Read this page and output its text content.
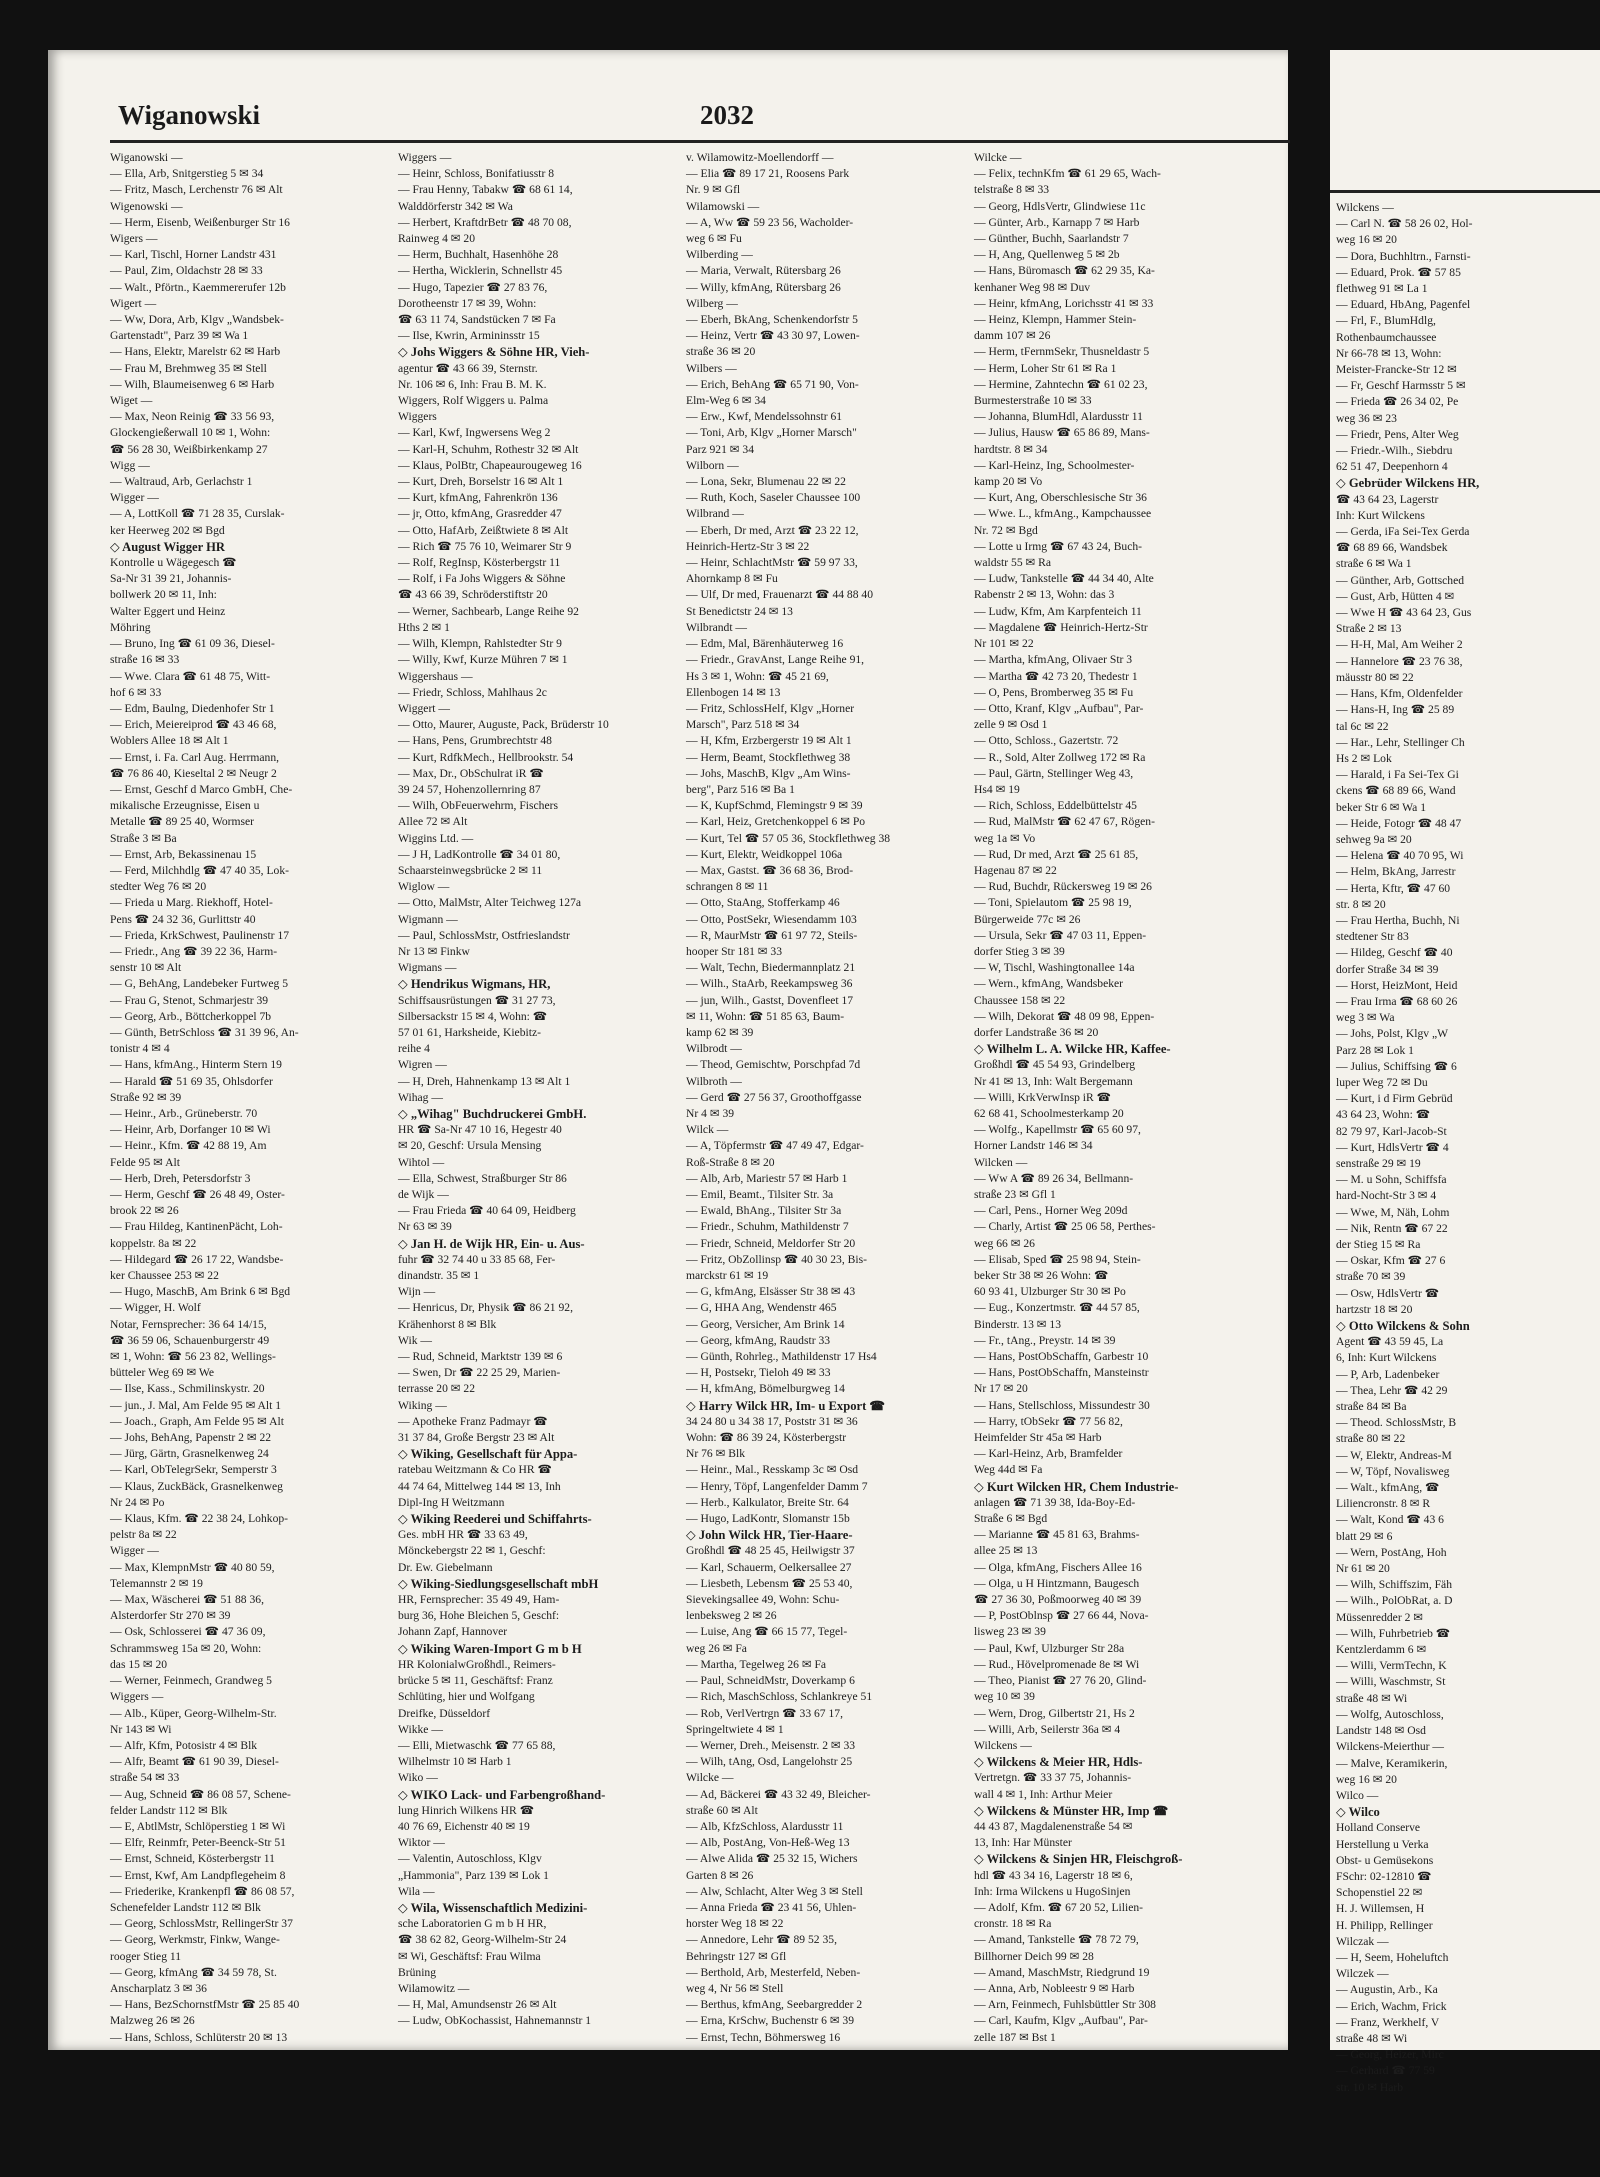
Wiganowski	2032
Wiganowski —
— Ella, Arb, Snitgerstieg 5 ✉ 34
— Fritz, Masch, Lerchenstr 76 ✉ Alt
Wigenowski —
— Herm, Eisenb, Weißenburger Str 16
Wigers —
— Karl, Tischl, Horner Landstr 431
— Paul, Zim, Oldachstr 28 ✉ 33
— Walt., Pförtn., Kaemmererufer 12b
Wigert —
— Ww, Dora, Arb, Klgv „Wandsbek-
Gartenstadt", Parz 39 ✉ Wa 1
— Hans, Elektr, Marelstr 62 ✉ Harb
— Frau M, Brehmweg 35 ✉ Stell
— Wilh, Blaumeisenweg 6 ✉ Harb
Wiget —
— Max, Neon Reinig ☎ 33 56 93,
Glockengießerwall 10 ✉ 1, Wohn:
☎ 56 28 30, Weißbirkenkamp 27
Wigg —
— Waltraud, Arb, Gerlachstr 1
Wigger —
— A, LottKoll ☎ 71 28 35, Curslak-
ker Heerweg 202 ✉ Bgd
◇ August Wigger HR
Kontrolle u Wägegesch ☎
Sa-Nr 31 39 21, Johannis-
bollwerk 20 ✉ 11, Inh:
Walter Eggert und Heinz
Möhring
— Bruno, Ing ☎ 61 09 36, Diesel-
straße 16 ✉ 33
— Wwe. Clara ☎ 61 48 75, Witt-
hof 6 ✉ 33
— Edm, Baulng, Diedenhofer Str 1
— Erich, Meiereiprod ☎ 43 46 68,
Woblers Allee 18 ✉ Alt 1
— Ernst, i. Fa. Carl Aug. Herrmann,
☎ 76 86 40, Kieseltal 2 ✉ Neugr 2
— Ernst, Geschf d Marco GmbH, Che-
mikalische Erzeugnisse, Eisen u
Metalle ☎ 89 25 40, Wormser
Straße 3 ✉ Ba
— Ernst, Arb, Bekassinenau 15
— Ferd, Milchhdlg ☎ 47 40 35, Lok-
stedter Weg 76 ✉ 20
— Frieda u Marg. Riekhoff, Hotel-
Pens ☎ 24 32 36, Gurlittstr 40
— Frieda, KrkSchwest, Paulinenstr 17
— Friedr., Ang ☎ 39 22 36, Harm-
senstr 10 ✉ Alt
— G, BehAng, Landebeker Furtweg 5
— Frau G, Stenot, Schmarjestr 39
— Georg, Arb., Böttcherkoppel 7b
— Günth, BetrSchloss ☎ 31 39 96, An-
tonistr 4 ✉ 4
— Hans, kfmAng., Hinterm Stern 19
— Harald ☎ 51 69 35, Ohlsdorfer
Straße 92 ✉ 39
— Heinr., Arb., Grüneberstr. 70
— Heinr, Arb, Dorfanger 10 ✉ Wi
— Heinr., Kfm. ☎ 42 88 19, Am
Felde 95 ✉ Alt
— Herb, Dreh, Petersdorfstr 3
— Herm, Geschf ☎ 26 48 49, Oster-
brook 22 ✉ 26
— Frau Hildeg, KantinenPächt, Loh-
koppelstr. 8a ✉ 22
— Hildegard ☎ 26 17 22, Wandsbe-
ker Chaussee 253 ✉ 22
— Hugo, MaschB, Am Brink 6 ✉ Bgd
— Wigger, H. Wolf
Notar, Fernsprecher: 36 64 14/15,
☎ 36 59 06, Schauenburgerstr 49
✉ 1, Wohn: ☎ 56 23 82, Wellings-
bütteler Weg 69 ✉ We
— Ilse, Kass., Schmilinskystr. 20
— jun., J. Mal, Am Felde 95 ✉ Alt 1
— Joach., Graph, Am Felde 95 ✉ Alt
— Johs, BehAng, Papenstr 2 ✉ 22
— Jürg, Gärtn, Grasnelkenweg 24
— Karl, ObTelegrSekr, Semperstr 3
— Klaus, ZuckBäck, Grasnelkenweg
Nr 24 ✉ Po
— Klaus, Kfm. ☎ 22 38 24, Lohkop-
pelstr 8a ✉ 22
Wigger —
— Max, KlempnMstr ☎ 40 80 59,
Telemannstr 2 ✉ 19
— Max, Wäscherei ☎ 51 88 36,
Alsterdorfer Str 270 ✉ 39
— Osk, Schlosserei ☎ 47 36 09,
Schrammsweg 15a ✉ 20, Wohn:
das 15 ✉ 20
— Werner, Feinmech, Grandweg 5
Wiggers —
— Alb., Küper, Georg-Wilhelm-Str.
Nr 143 ✉ Wi
— Alfr, Kfm, Potosistr 4 ✉ Blk
— Alfr, Beamt ☎ 61 90 39, Diesel-
straße 54 ✉ 33
— Aug, Schneid ☎ 86 08 57, Schene-
felder Landstr 112 ✉ Blk
— E, AbtlMstr, Schlöperstieg 1 ✉ Wi
— Elfr, Reinmfr, Peter-Beenck-Str 51
— Ernst, Schneid, Kösterbergstr 11
— Ernst, Kwf, Am Landpflegeheim 8
— Friederike, Krankenpfl ☎ 86 08 57,
Schenefelder Landstr 112 ✉ Blk
— Georg, SchlossMstr, RellingerStr 37
— Georg, Werkmstr, Finkw, Wange-
rooger Stieg 11
— Georg, kfmAng ☎ 34 59 78, St.
Anscharplatz 3 ✉ 36
— Hans, BezSchornstfMstr ☎ 25 85 40
Malzweg 26 ✉ 26
— Hans, Schloss, Schlüterstr 20 ✉ 13
Wiggers —
— Heinr, Schloss, Bonifatiusstr 8
— Frau Henny, Tabakw ☎ 68 61 14,
Walddörferstr 342 ✉ Wa
— Herbert, KraftdrBetr ☎ 48 70 08,
Rainweg 4 ✉ 20
— Herm, Buchhalt, Hasenhöhe 28
— Hertha, Wicklerin, Schnellstr 45
— Hugo, Tapezier ☎ 27 83 76,
Dorotheenstr 17 ✉ 39, Wohn:
☎ 63 11 74, Sandstücken 7 ✉ Fa
— Ilse, Kwrin, Armininsstr 15
◇ Johs Wiggers & Söhne HR, Vieh-
agentur ☎ 43 66 39, Sternstr.
Nr. 106 ✉ 6, Inh: Frau B. M. K.
Wiggers, Rolf Wiggers u. Palma
Wiggers
— Karl, Kwf, Ingwersens Weg 2
— Karl-H, Schuhm, Rothestr 32 ✉ Alt
— Klaus, PolBtr, Chapeaurougeweg 16
— Kurt, Dreh, Borselstr 16 ✉ Alt 1
— Kurt, kfmAng, Fahrenkrön 136
— jr, Otto, kfmAng, Grasredder 47
— Otto, HafArb, Zeißtwiete 8 ✉ Alt
— Rich ☎ 75 76 10, Weimarer Str 9
— Rolf, RegInsp, Kösterbergstr 11
— Rolf, i Fa Johs Wiggers & Söhne
☎ 43 66 39, Schröderstiftstr 20
— Werner, Sachbearb, Lange Reihe 92
Hths 2 ✉ 1
— Wilh, Klempn, Rahlstedter Str 9
— Willy, Kwf, Kurze Mühren 7 ✉ 1
Wiggershaus —
— Friedr, Schloss, Mahlhaus 2c
Wiggert —
— Otto, Maurer, Auguste, Pack, Brüderstr 10
— Hans, Pens, Grumbrechtstr 48
— Kurt, RdfkMech., Hellbrookstr. 54
— Max, Dr., ObSchulrat iR ☎
39 24 57, Hohenzollernring 87
— Wilh, ObFeuerwehrm, Fischers
Allee 72 ✉ Alt
Wiggins Ltd. —
— J H, LadKontrolle ☎ 34 01 80,
Schaarsteinwegsbrücke 2 ✉ 11
Wiglow —
— Otto, MalMstr, Alter Teichweg 127a
Wigmann —
— Paul, SchlossMstr, Ostfrieslandstr
Nr 13 ✉ Finkw
Wigmans —
◇ Hendrikus Wigmans, HR,
Schiffsausrüstungen ☎ 31 27 73,
Silbersackstr 15 ✉ 4, Wohn: ☎
57 01 61, Harksheide, Kiebitz-
reihe 4
Wigren —
— H, Dreh, Hahnenkamp 13 ✉ Alt 1
Wihag —
◇ „Wihag" Buchdruckerei GmbH.
HR ☎ Sa-Nr 47 10 16, Hegestr 40
✉ 20, Geschf: Ursula Mensing
Wihtol —
— Ella, Schwest, Straßburger Str 86
de Wijk —
— Frau Frieda ☎ 40 64 09, Heidberg
Nr 63 ✉ 39
◇ Jan H. de Wijk HR, Ein- u. Aus-
fuhr ☎ 32 74 40 u 33 85 68, Fer-
dinandstr. 35 ✉ 1
Wijn —
— Henricus, Dr, Physik ☎ 86 21 92,
Krähenhorst 8 ✉ Blk
Wik —
— Rud, Schneid, Marktstr 139 ✉ 6
— Swen, Dr ☎ 22 25 29, Marien-
terrasse 20 ✉ 22
Wiking —
— Apotheke Franz Padmayr ☎
31 37 84, Große Bergstr 23 ✉ Alt
◇ Wiking, Gesellschaft für Appa-
ratebau Weitzmann & Co HR ☎
44 74 64, Mittelweg 144 ✉ 13, Inh
Dipl-Ing H Weitzmann
◇ Wiking Reederei und Schiffahrts-
Ges. mbH HR ☎ 33 63 49,
Mönckebergstr 22 ✉ 1, Geschf:
Dr. Ew. Giebelmann
◇ Wiking-Siedlungsgesellschaft mbH
HR, Fernsprecher: 35 49 49, Ham-
burg 36, Hohe Bleichen 5, Geschf:
Johann Zapf, Hannover
◇ Wiking Waren-Import G m b H
HR KolonialwGroßhdl., Reimers-
brücke 5 ✉ 11, Geschäftsf: Franz
Schlüting, hier und Wolfgang
Dreifke, Düsseldorf
Wikke —
— Elli, Mietwaschk ☎ 77 65 88,
Wilhelmstr 10 ✉ Harb 1
Wiko —
◇ WIKO Lack- und Farbengroßhand-
lung Hinrich Wilkens HR ☎
40 76 69, Eichenstr 40 ✉ 19
Wiktor —
— Valentin, Autoschloss, Klgv
„Hammonia", Parz 139 ✉ Lok 1
Wila —
◇ Wila, Wissenschaftlich Medizini-
sche Laboratorien G m b H HR,
☎ 38 62 82, Georg-Wilhelm-Str 24
✉ Wi, Geschäftsf: Frau Wilma
Brüning
Wilamowitz —
— H, Mal, Amundsenstr 26 ✉ Alt
— Ludw, ObKochassist, Hahnemannstr 1
v. Wilamowitz-Moellendorff —
— Elia ☎ 89 17 21, Roosens Park
Nr. 9 ✉ Gfl
Wilamowski —
— A, Ww ☎ 59 23 56, Wacholder-
weg 6 ✉ Fu
Wilberding —
— Maria, Verwalt, Rütersbarg 26
— Willy, kfmAng, Rütersbarg 26
Wilberg —
— Eberh, BkAng, Schenkendorfstr 5
— Heinz, Vertr ☎ 43 30 97, Lowen-
straße 36 ✉ 20
Wilbers —
— Erich, BehAng ☎ 65 71 90, Von-
Elm-Weg 6 ✉ 34
— Erw., Kwf, Mendelssohnstr 61
— Toni, Arb, Klgv „Horner Marsch"
Parz 921 ✉ 34
Wilborn —
— Lona, Sekr, Blumenau 22 ✉ 22
— Ruth, Koch, Saseler Chaussee 100
Wilbrand —
— Eberh, Dr med, Arzt ☎ 23 22 12,
Heinrich-Hertz-Str 3 ✉ 22
— Heinr, SchlachtMstr ☎ 59 97 33,
Ahornkamp 8 ✉ Fu
— Ulf, Dr med, Frauenarzt ☎ 44 88 40
St Benedictstr 24 ✉ 13
Wilbrandt —
— Edm, Mal, Bärenhäuterweg 16
— Friedr., GravAnst, Lange Reihe 91,
Hs 3 ✉ 1, Wohn: ☎ 45 21 69,
Ellenbogen 14 ✉ 13
— Fritz, SchlossHelf, Klgv „Horner
Marsch", Parz 518 ✉ 34
— H, Kfm, Erzbergerstr 19 ✉ Alt 1
— Herm, Beamt, Stockflethweg 38
— Johs, MaschB, Klgv „Am Wins-
berg", Parz 516 ✉ Ba 1
— K, KupfSchmd, Flemingstr 9 ✉ 39
— Karl, Heiz, Gretchenkoppel 6 ✉ Po
— Kurt, Tel ☎ 57 05 36, Stockflethweg 38
— Kurt, Elektr, Weidkoppel 106a
— Max, Gastst. ☎ 36 68 36, Brod-
schrangen 8 ✉ 11
— Otto, StaAng, Stofferkamp 46
— Otto, PostSekr, Wiesendamm 103
— R, MaurMstr ☎ 61 97 72, Steils-
hooper Str 181 ✉ 33
— Walt, Techn, Biedermannplatz 21
— Wilh., StaArb, Reekampsweg 36
— jun, Wilh., Gastst, Dovenfleet 17
✉ 11, Wohn: ☎ 51 85 63, Baum-
kamp 62 ✉ 39
Wilbrodt —
— Theod, Gemischtw, Porschpfad 7d
Wilbroth —
— Gerd ☎ 27 56 37, Groothoffgasse
Nr 4 ✉ 39
Wilck —
— A, Töpfermstr ☎ 47 49 47, Edgar-
Roß-Straße 8 ✉ 20
— Alb, Arb, Mariestr 57 ✉ Harb 1
— Emil, Beamt., Tilsiter Str. 3a
— Ewald, BhAng., Tilsiter Str 3a
— Friedr., Schuhm, Mathildenstr 7
— Friedr, Schneid, Meldorfer Str 20
— Fritz, ObZollinsp ☎ 40 30 23, Bis-
marckstr 61 ✉ 19
— G, kfmAng, Elsässer Str 38 ✉ 43
— G, HHA Ang, Wendenstr 465
— Georg, Versicher, Am Brink 14
— Georg, kfmAng, Raudstr 33
— Günth, Rohrleg., Mathildenstr 17 Hs4
— H, Postsekr, Tieloh 49 ✉ 33
— H, kfmAng, Bömelburgweg 14
◇ Harry Wilck HR, Im- u Export ☎
34 24 80 u 34 38 17, Poststr 31 ✉ 36
Wohn: ☎ 86 39 24, Kösterbergstr
Nr 76 ✉ Blk
— Heinr., Mal., Resskamp 3c ✉ Osd
— Henry, Töpf, Langenfelder Damm 7
— Herb., Kalkulator, Breite Str. 64
— Hugo, LadKontr, Slomanstr 15b
◇ John Wilck HR, Tier-Haare-
Großhdl ☎ 48 25 45, Heilwigstr 37
— Karl, Schauerm, Oelkersallee 27
— Liesbeth, Lebensm ☎ 25 53 40,
Sievekingsallee 49, Wohn: Schu-
lenbeksweg 2 ✉ 26
— Luise, Ang ☎ 66 15 77, Tegel-
weg 26 ✉ Fa
— Martha, Tegelweg 26 ✉ Fa
— Paul, SchneidMstr, Doverkamp 6
— Rich, MaschSchloss, Schlankreye 51
— Rob, VerlVertrgn ☎ 33 67 17,
Springeltwiete 4 ✉ 1
— Werner, Dreh., Meisenstr. 2 ✉ 33
— Wilh, tAng, Osd, Langelohstr 25
Wilcke —
— Ad, Bäckerei ☎ 43 32 49, Bleicher-
straße 60 ✉ Alt
— Alb, KfzSchloss, Alardusstr 11
— Alb, PostAng, Von-Heß-Weg 13
— Alwe Alida ☎ 25 32 15, Wichers
Garten 8 ✉ 26
— Alw, Schlacht, Alter Weg 3 ✉ Stell
— Anna Frieda ☎ 23 41 56, Uhlen-
horster Weg 18 ✉ 22
— Annedore, Lehr ☎ 89 52 35,
Behringstr 127 ✉ Gfl
— Berthold, Arb, Mesterfeld, Neben-
weg 4, Nr 56 ✉ Stell
— Berthus, kfmAng, Seebargredder 2
— Erna, KrSchw, Buchenstr 6 ✉ 39
— Ernst, Techn, Böhmersweg 16
Wilcke —
— Felix, technKfm ☎ 61 29 65, Wach-
telstraße 8 ✉ 33
— Georg, HdlsVertr, Glindwiese 11c
— Günter, Arb., Karnapp 7 ✉ Harb
— Günther, Buchh, Saarlandstr 7
— H, Ang, Quellenweg 5 ✉ 2b
— Hans, Büromasch ☎ 62 29 35, Ka-
kenhaner Weg 98 ✉ Duv
— Heinr, kfmAng, Lorichsstr 41 ✉ 33
— Heinz, Klempn, Hammer Stein-
damm 107 ✉ 26
— Herm, tFernmSekr, Thusneldastr 5
— Herm, Loher Str 61 ✉ Ra 1
— Hermine, Zahntechn ☎ 61 02 23,
Burmesterstraße 10 ✉ 33
— Johanna, BlumHdl, Alardusstr 11
— Julius, Hausw ☎ 65 86 89, Mans-
hardtstr. 8 ✉ 34
— Karl-Heinz, Ing, Schoolmester-
kamp 20 ✉ Vo
— Kurt, Ang, Oberschlesische Str 36
— Wwe. L., kfmAng., Kampchaussee
Nr. 72 ✉ Bgd
— Lotte u Irmg ☎ 67 43 24, Buch-
waldstr 55 ✉ Ra
— Ludw, Tankstelle ☎ 44 34 40, Alte
Rabenstr 2 ✉ 13, Wohn: das 3
— Ludw, Kfm, Am Karpfenteich 11
— Magdalene ☎ Heinrich-Hertz-Str
Nr 101 ✉ 22
— Martha, kfmAng, Olivaer Str 3
— Martha ☎ 42 73 20, Thedestr 1
— O, Pens, Bromberweg 35 ✉ Fu
— Otto, Kranf, Klgv „Aufbau", Par-
zelle 9 ✉ Osd 1
— Otto, Schloss., Gazertstr. 72
— R., Sold, Alter Zollweg 172 ✉ Ra
— Paul, Gärtn, Stellinger Weg 43,
Hs4 ✉ 19
— Rich, Schloss, Eddelbüttelstr 45
— Rud, MalMstr ☎ 62 47 67, Rögen-
weg 1a ✉ Vo
— Rud, Dr med, Arzt ☎ 25 61 85,
Hagenau 87 ✉ 22
— Rud, Buchdr, Rückersweg 19 ✉ 26
— Toni, Spielautom ☎ 25 98 19,
Bürgerweide 77c ✉ 26
— Ursula, Sekr ☎ 47 03 11, Eppen-
dorfer Stieg 3 ✉ 39
— W, Tischl, Washingtonallee 14a
— Wern., kfmAng, Wandsbeker
Chaussee 158 ✉ 22
— Wilh, Dekorat ☎ 48 09 98, Eppen-
dorfer Landstraße 36 ✉ 20
◇ Wilhelm L. A. Wilcke HR, Kaffee-
Großhdl ☎ 45 54 93, Grindelberg
Nr 41 ✉ 13, Inh: Walt Bergemann
— Willi, KrkVerwInsp iR ☎
62 68 41, Schoolmesterkamp 20
— Wolfg., Kapellmstr ☎ 65 60 97,
Horner Landstr 146 ✉ 34
Wilcken —
— Ww A ☎ 89 26 34, Bellmann-
straße 23 ✉ Gfl 1
— Carl, Pens., Horner Weg 209d
— Charly, Artist ☎ 25 06 58, Perthes-
weg 66 ✉ 26
— Elisab, Sped ☎ 25 98 94, Stein-
beker Str 38 ✉ 26 Wohn: ☎
60 93 41, Ulzburger Str 30 ✉ Po
— Eug., Konzertmstr. ☎ 44 57 85,
Binderstr. 13 ✉ 13
— Fr., tAng., Preystr. 14 ✉ 39
— Hans, PostObSchaffn, Garbestr 10
— Hans, PostObSchaffn, Mansteinstr
Nr 17 ✉ 20
— Hans, Stellschloss, Missundestr 30
— Harry, tObSekr ☎ 77 56 82,
Heimfelder Str 45a ✉ Harb
— Karl-Heinz, Arb, Bramfelder
Weg 44d ✉ Fa
◇ Kurt Wilcken HR, Chem Industrie-
anlagen ☎ 71 39 38, Ida-Boy-Ed-
Straße 6 ✉ Bgd
— Marianne ☎ 45 81 63, Brahms-
allee 25 ✉ 13
— Olga, kfmAng, Fischers Allee 16
— Olga, u H Hintzmann, Baugesch
☎ 27 36 30, Poßmoorweg 40 ✉ 39
— P, PostOblnsp ☎ 27 66 44, Nova-
lisweg 23 ✉ 39
— Paul, Kwf, Ulzburger Str 28a
— Rud., Hövelpromenade 8e ✉ Wi
— Theo, Pianist ☎ 27 76 20, Glind-
weg 10 ✉ 39
— Wern, Drog, Gilbertstr 21, Hs 2
— Willi, Arb, Seilerstr 36a ✉ 4
Wilckens —
◇ Wilckens & Meier HR, Hdls-
Vertretgn. ☎ 33 37 75, Johannis-
wall 4 ✉ 1, Inh: Arthur Meier
◇ Wilckens & Münster HR, Imp ☎
44 43 87, Magdalenenstraße 54 ✉
13, Inh: Har Münster
◇ Wilckens & Sinjen HR, Fleischgroß-
hdl ☎ 43 34 16, Lagerstr 18 ✉ 6,
Inh: Irma Wilckens u HugoSinjen
— Adolf, Kfm. ☎ 67 20 52, Lilien-
cronstr. 18 ✉ Ra
— Amand, Tankstelle ☎ 78 72 79,
Billhorner Deich 99 ✉ 28
— Amand, MaschMstr, Riedgrund 19
— Anna, Arb, Nobleestr 9 ✉ Harb
— Arn, Feinmech, Fuhlsbüttler Str 308
— Carl, Kaufm, Klgv „Aufbau", Par-
zelle 187 ✉ Bst 1
Wilckens —
— Carl N. ☎ 58 26 02, Hol-
weg 16 ✉ 20
— Dora, Buchhltrn., Farnsti-
— Eduard, Prok. ☎ 57 85
flethweg 91 ✉ La 1
— Eduard, HbAng, Pagenfel
— Frl, F., BlumHdlg,
Rothenbaumchaussee
Nr 66-78 ✉ 13, Wohn:
Meister-Francke-Str 12 ✉
— Fr, Geschf Harmsstr 5 ✉
— Frieda ☎ 26 34 02, Pe
weg 36 ✉ 23
— Friedr, Pens, Alter Weg
— Friedr.-Wilh., Siebdru
62 51 47, Deepenhorn 4
◇ Gebrüder Wilckens HR,
☎ 43 64 23, Lagerstr
Inh: Kurt Wilckens
— Gerda, iFa Sei-Tex Gerda
☎ 68 89 66, Wandsbek
straße 6 ✉ Wa 1
— Günther, Arb, Gottsched
— Gust, Arb, Hütten 4 ✉
— Wwe H ☎ 43 64 23, Gus
Straße 2 ✉ 13
— H-H, Mal, Am Weiher 2
— Hannelore ☎ 23 76 38,
mäusstr 80 ✉ 22
— Hans, Kfm, Oldenfelder
— Hans-H, Ing ☎ 25 89
tal 6c ✉ 22
— Har., Lehr, Stellinger Ch
Hs 2 ✉ Lok
— Harald, i Fa Sei-Tex Gi
ckens ☎ 68 89 66, Wand
beker Str 6 ✉ Wa 1
— Heide, Fotogr ☎ 48 47
sehweg 9a ✉ 20
— Helena ☎ 40 70 95, Wi
— Helm, BkAng, Jarrestr
— Herta, Kftr, ☎ 47 60
str. 8 ✉ 20
— Frau Hertha, Buchh, Ni
stedtener Str 83
— Hildeg, Geschf ☎ 40
dorfer Straße 34 ✉ 39
— Horst, HeizMont, Heid
— Frau Irma ☎ 68 60 26
weg 3 ✉ Wa
— Johs, Polst, Klgv „W
Parz 28 ✉ Lok 1
— Julius, Schiffsing ☎ 6
luper Weg 72 ✉ Du
— Kurt, i d Firm Gebrüd
43 64 23, Wohn: ☎
82 79 97, Karl-Jacob-St
— Kurt, HdlsVertr ☎ 4
senstraße 29 ✉ 19
— M. u Sohn, Schiffsfa
hard-Nocht-Str 3 ✉ 4
— Wwe, M, Näh, Lohm
— Nik, Rentn ☎ 67 22
der Stieg 15 ✉ Ra
— Oskar, Kfm ☎ 27 6
straße 70 ✉ 39
— Osw, HdlsVertr ☎
hartzstr 18 ✉ 20
◇ Otto Wilckens & Sohn
Agent ☎ 43 59 45, La
6, Inh: Kurt Wilckens
— P, Arb, Ladenbeker
— Thea, Lehr ☎ 42 29
straße 84 ✉ Ba
— Theod. SchlossMstr, B
straße 80 ✉ 22
— W, Elektr, Andreas-M
— W, Töpf, Novalisweg
— Walt., kfmAng, ☎
Liliencronstr. 8 ✉ R
— Walt, Kond ☎ 43 6
blatt 29 ✉ 6
— Wern, PostAng, Hoh
Nr 61 ✉ 20
— Wilh, Schiffszim, Fäh
— Wilh., PolObRat, a. D
Müssenredder 2 ✉
— Wilh, Fuhrbetrieb ☎
Kentzlerdamm 6 ✉
— Willi, VermTechn, K
— Willi, Waschmstr, St
straße 48 ✉ Wi
— Wolfg, Autoschloss,
Landstr 148 ✉ Osd
Wilckens-Meierthur —
— Malve, Keramikerin,
weg 16 ✉ 20
Wilco —
◇ Wilco
Holland Conserve
Herstellung u Verka
Obst- u Gemüsekons
FSchr: 02-12810 ☎
Schopenstiel 22 ✉
H. J. Willemsen, H
H. Philipp, Rellinger
Wilczak —
— H, Seem, Hoheluftch
Wilczek —
— Augustin, Arb., Ka
— Erich, Wachm, Frick
— Franz, Werkhelf, V
straße 48 ✉ Wi
— Georg, Heizer, Mirc
— Gerhard ☎ 77 59
str. 10 ✉ Harb
